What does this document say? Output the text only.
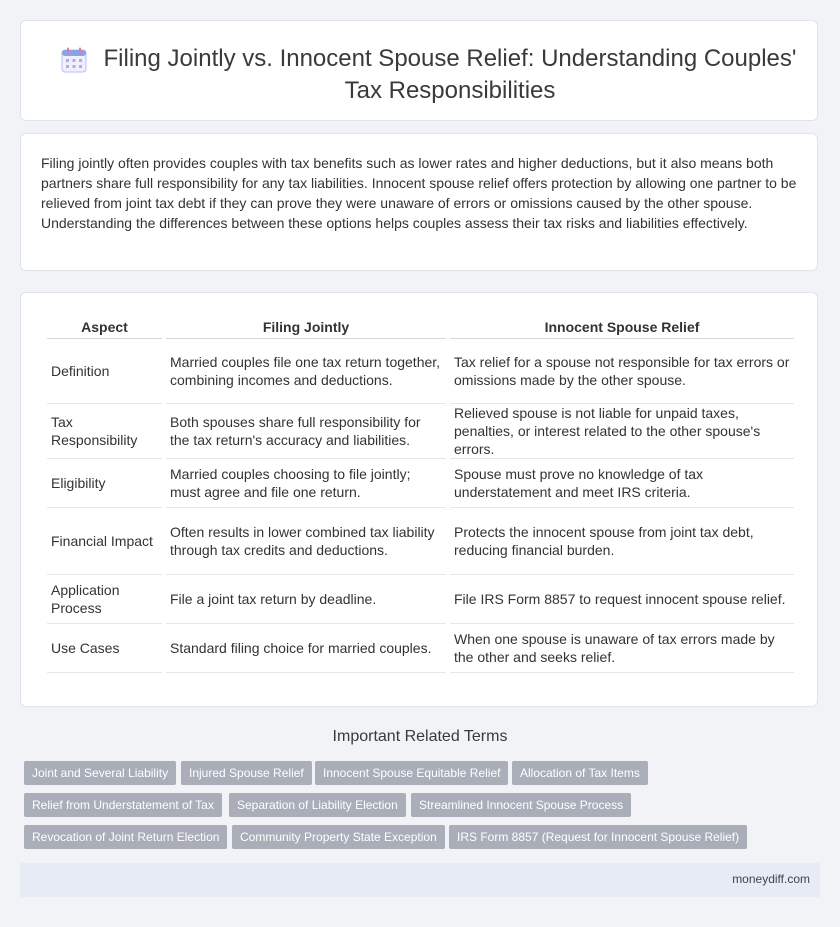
Filing Jointly vs. Innocent Spouse Relief: Understanding Couples' Tax Responsibilities

Filing jointly often provides couples with tax benefits such as lower rates and higher deductions, but it also means both partners share full responsibility for any tax liabilities. Innocent spouse relief offers protection by allowing one partner to be relieved from joint tax debt if they can prove they were unaware of errors or omissions caused by the other spouse. Understanding the differences between these options helps couples assess their tax risks and liabilities effectively.

Aspect	Filing Jointly	Innocent Spouse Relief
Definition	Married couples file one tax return together, combining incomes and deductions.	Tax relief for a spouse not responsible for tax errors or omissions made by the other spouse.
Tax Responsibility	Both spouses share full responsibility for the tax return's accuracy and liabilities.	Relieved spouse is not liable for unpaid taxes, penalties, or interest related to the other spouse's errors.
Eligibility	Married couples choosing to file jointly; must agree and file one return.	Spouse must prove no knowledge of tax understatement and meet IRS criteria.
Financial Impact	Often results in lower combined tax liability through tax credits and deductions.	Protects the innocent spouse from joint tax debt, reducing financial burden.
Application Process	File a joint tax return by deadline.	File IRS Form 8857 to request innocent spouse relief.
Use Cases	Standard filing choice for married couples.	When one spouse is unaware of tax errors made by the other and seeks relief.
Important Related Terms
Joint and Several Liability	Injured Spouse Relief	Innocent Spouse Equitable Relief	Allocation of Tax Items
Relief from Understatement of Tax	Separation of Liability Election	Streamlined Innocent Spouse Process
Revocation of Joint Return Election	Community Property State Exception	IRS Form 8857 (Request for Innocent Spouse Relief)
moneydiff.com
